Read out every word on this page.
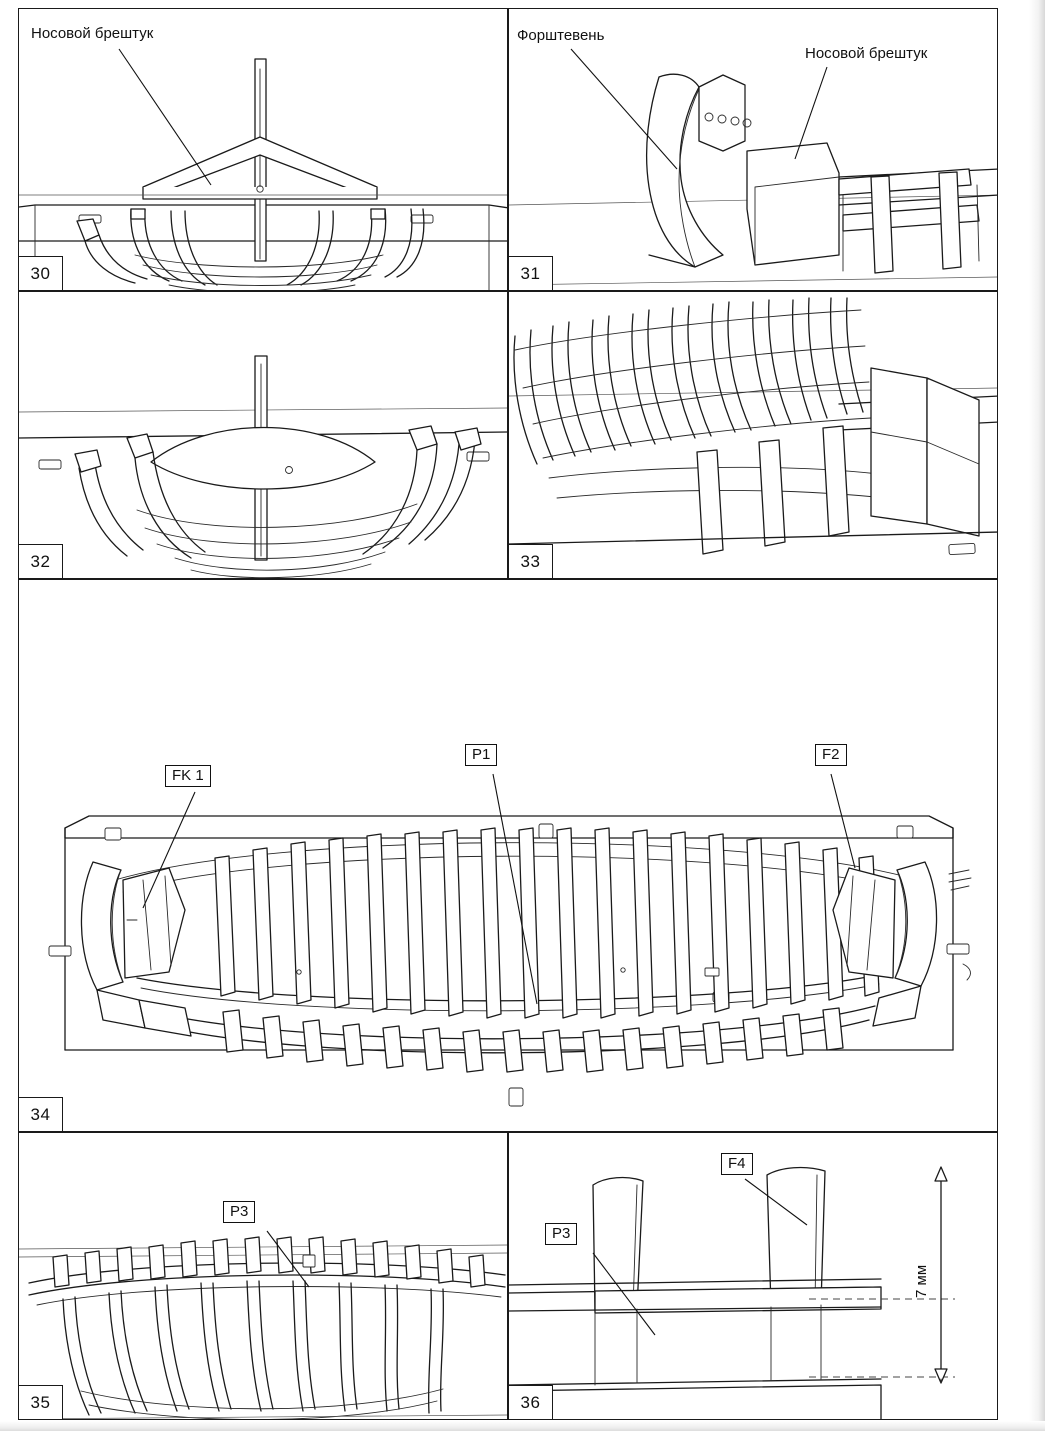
Носовой брештук
30
Форштевень
Носовой брештук
31
32	33
FK 1
P1	F2
34
P3
35
F4
P3
7 мм
36
